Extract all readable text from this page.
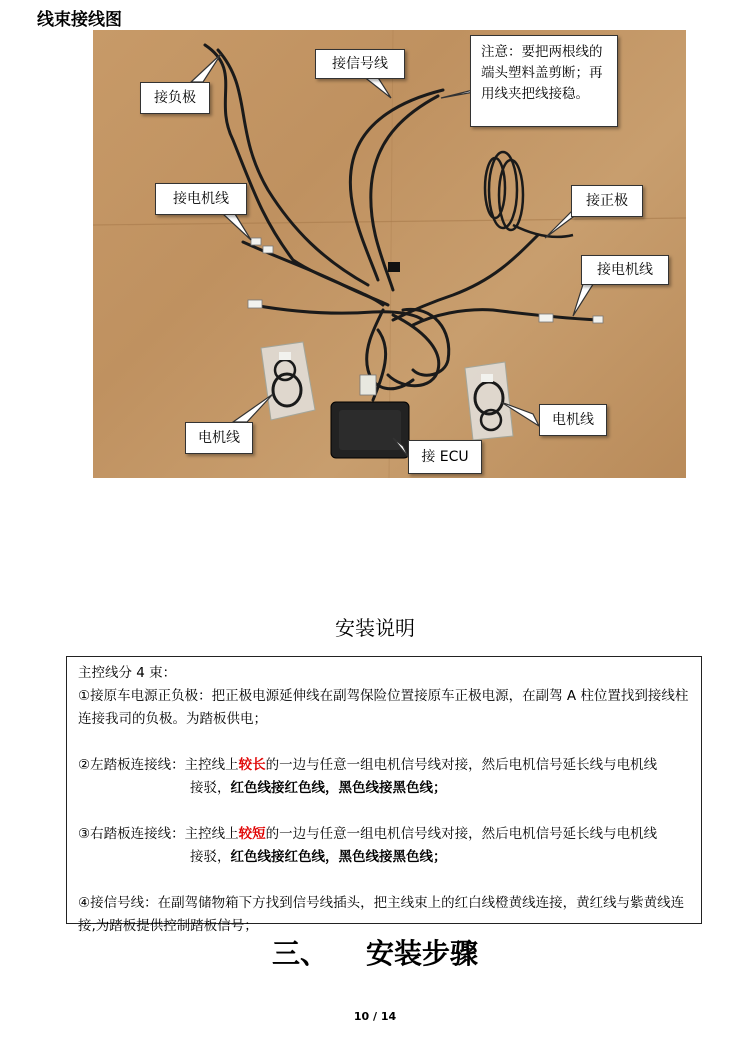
线束接线图
接负极
接信号线
注意：要把两根线的端头塑料盖剪断；再用线夹把线接稳。
接电机线	接正极
接电机线
电机线
电机线
接 ECU
安装说明

主控线分 4 束：

①接原车电源正负极：把正极电源延伸线在副驾保险位置接原车正极电源，在副驾 A 柱位置找到接线柱连接我司的负极。为踏板供电；

②左踏板连接线：主控线上较长的一边与任意一组电机信号线对接，然后电机信号延长线与电机线

接驳，红色线接红色线，黑色线接黑色线；

③右踏板连接线：主控线上较短的一边与任意一组电机信号线对接，然后电机信号延长线与电机线

接驳，红色线接红色线，黑色线接黑色线；

④接信号线：在副驾储物箱下方找到信号线插头，把主线束上的红白线橙黄线连接，黄红线与紫黄线连接,为踏板提供控制踏板信号；

三、 安装步骤
10 / 14
